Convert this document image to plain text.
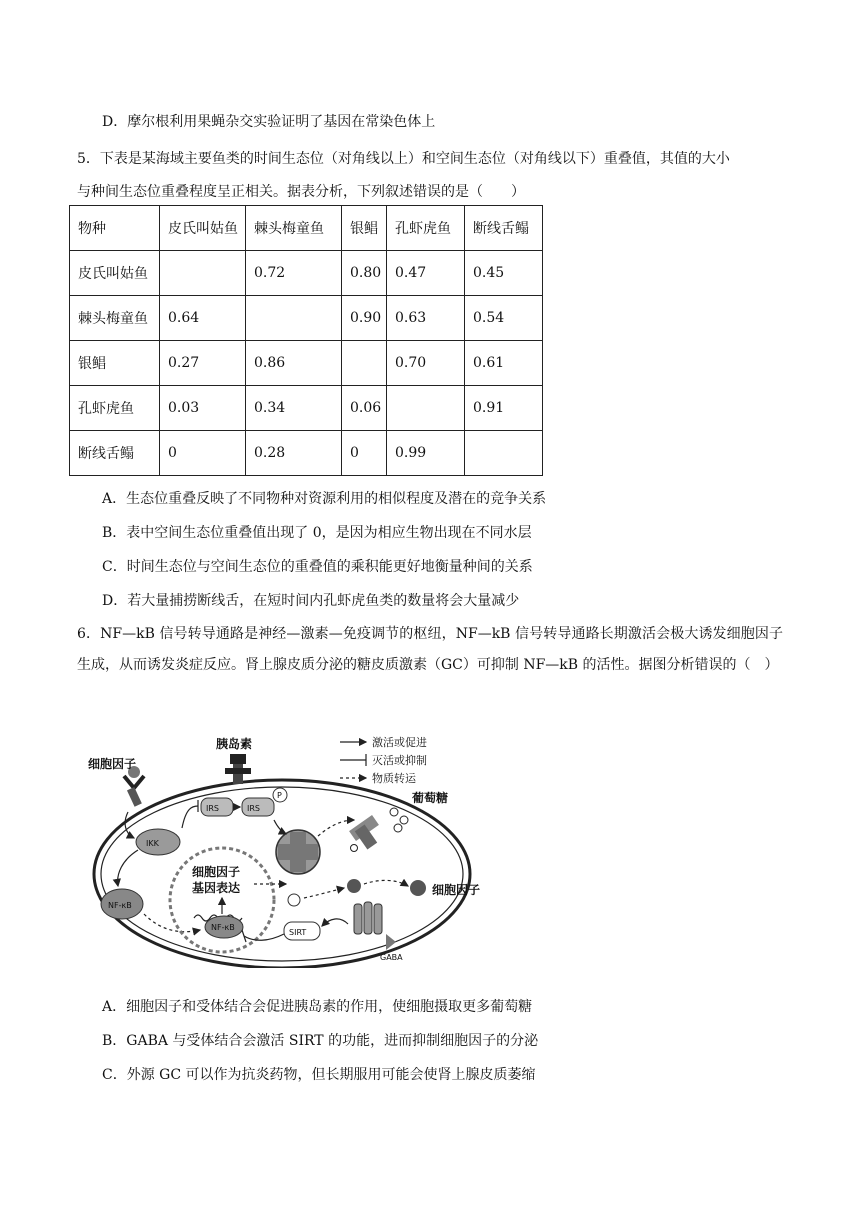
D．摩尔根利用果蝇杂交实验证明了基因在常染色体上
5．下表是某海域主要鱼类的时间生态位（对角线以上）和空间生态位（对角线以下）重叠值，其值的大小
与种间生态位重叠程度呈正相关。据表分析，下列叙述错误的是（　　）
物种	皮氏叫姑鱼	棘头梅童鱼	银鲳	孔虾虎鱼	断线舌鳎
皮氏叫姑鱼		0.72	0.80	0.47	0.45
棘头梅童鱼	0.64		0.90	0.63	0.54
银鲳	0.27	0.86		0.70	0.61
孔虾虎鱼	0.03	0.34	0.06		0.91
断线舌鳎	0	0.28	0	0.99	
A．生态位重叠反映了不同物种对资源利用的相似程度及潜在的竞争关系
B．表中空间生态位重叠值出现了 0，是因为相应生物出现在不同水层
C．时间生态位与空间生态位的重叠值的乘积能更好地衡量种间的关系
D．若大量捕捞断线舌，在短时间内孔虾虎鱼类的数量将会大量减少
6．NF—kB 信号转导通路是神经—激素—免疫调节的枢纽，NF—kB 信号转导通路长期激活会极大诱发细胞因子生成，从而诱发炎症反应。肾上腺皮质分泌的糖皮质激素（GC）可抑制 NF—kB 的活性。据图分析错误的（　）
胰岛素
细胞因子
激活或促进
灭活或抑制
物质转运
IRS	IRS
P	葡萄糖
IKK
NF-κB
细胞因子
基因表达
NF-κB
SIRT
GABA
细胞因子
A．细胞因子和受体结合会促进胰岛素的作用，使细胞摄取更多葡萄糖
B．GABA 与受体结合会激活 SIRT 的功能，进而抑制细胞因子的分泌
C．外源 GC 可以作为抗炎药物，但长期服用可能会使肾上腺皮质萎缩
